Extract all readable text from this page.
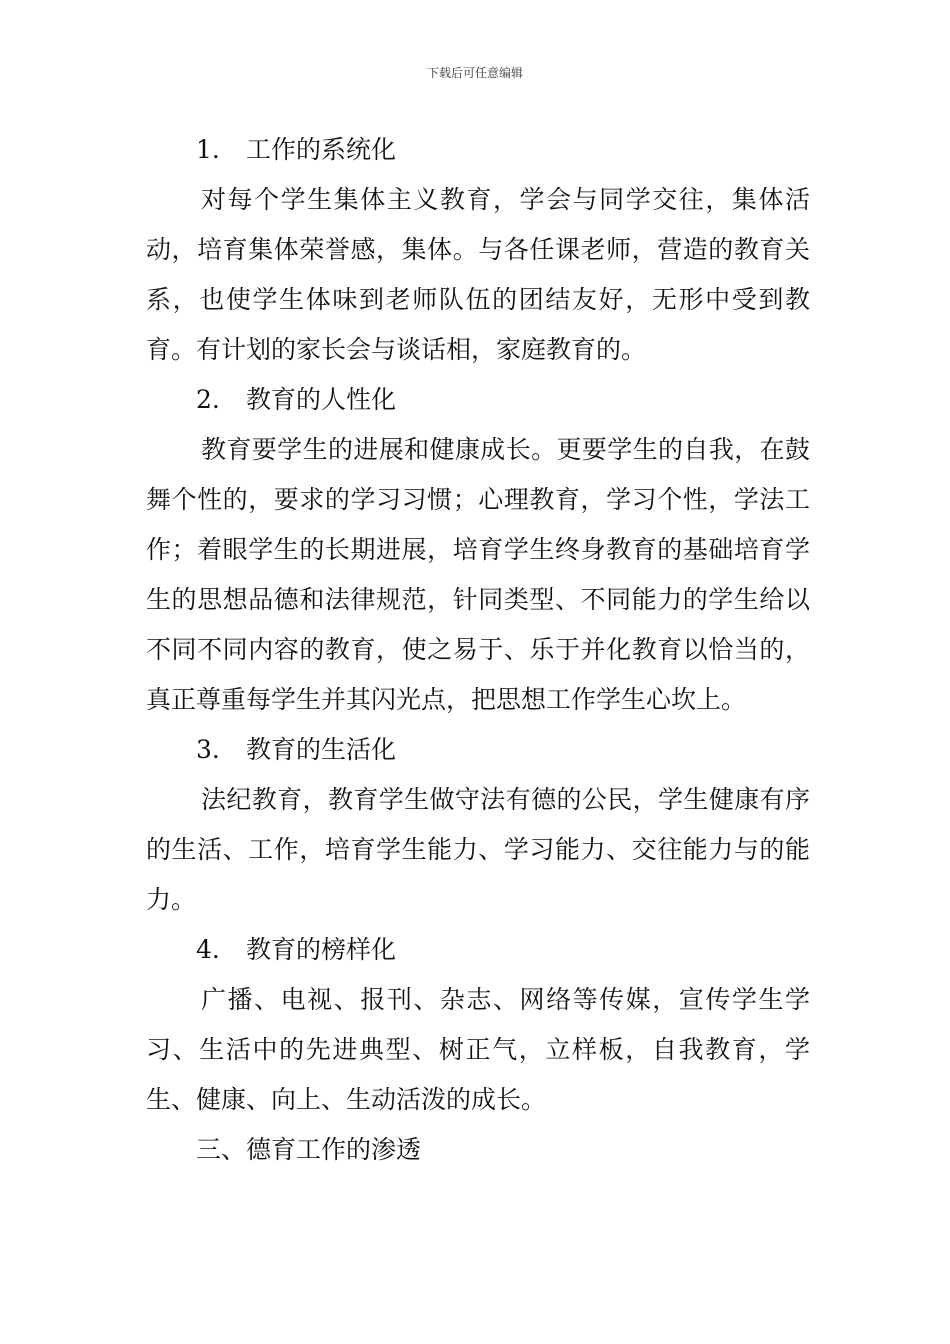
下载后可任意编辑
1. 工作的系统化

对每个学生集体主义教育，学会与同学交往，集体活动，培育集体荣誉感，集体。与各任课老师，营造的教育关系，也使学生体味到老师队伍的团结友好，无形中受到教育。有计划的家长会与谈话相，家庭教育的。

2. 教育的人性化

教育要学生的进展和健康成长。更要学生的自我，在鼓舞个性的，要求的学习习惯；心理教育，学习个性，学法工作；着眼学生的长期进展，培育学生终身教育的基础培育学生的思想品德和法律规范，针同类型、不同能力的学生给以不同不同内容的教育，使之易于、乐于并化教育以恰当的，真正尊重每学生并其闪光点，把思想工作学生心坎上。

3. 教育的生活化

法纪教育，教育学生做守法有德的公民，学生健康有序的生活、工作，培育学生能力、学习能力、交往能力与的能力。

4. 教育的榜样化

广播、电视、报刊、杂志、网络等传媒，宣传学生学习、生活中的先进典型、树正气，立样板，自我教育，学生、健康、向上、生动活泼的成长。

三、德育工作的渗透
